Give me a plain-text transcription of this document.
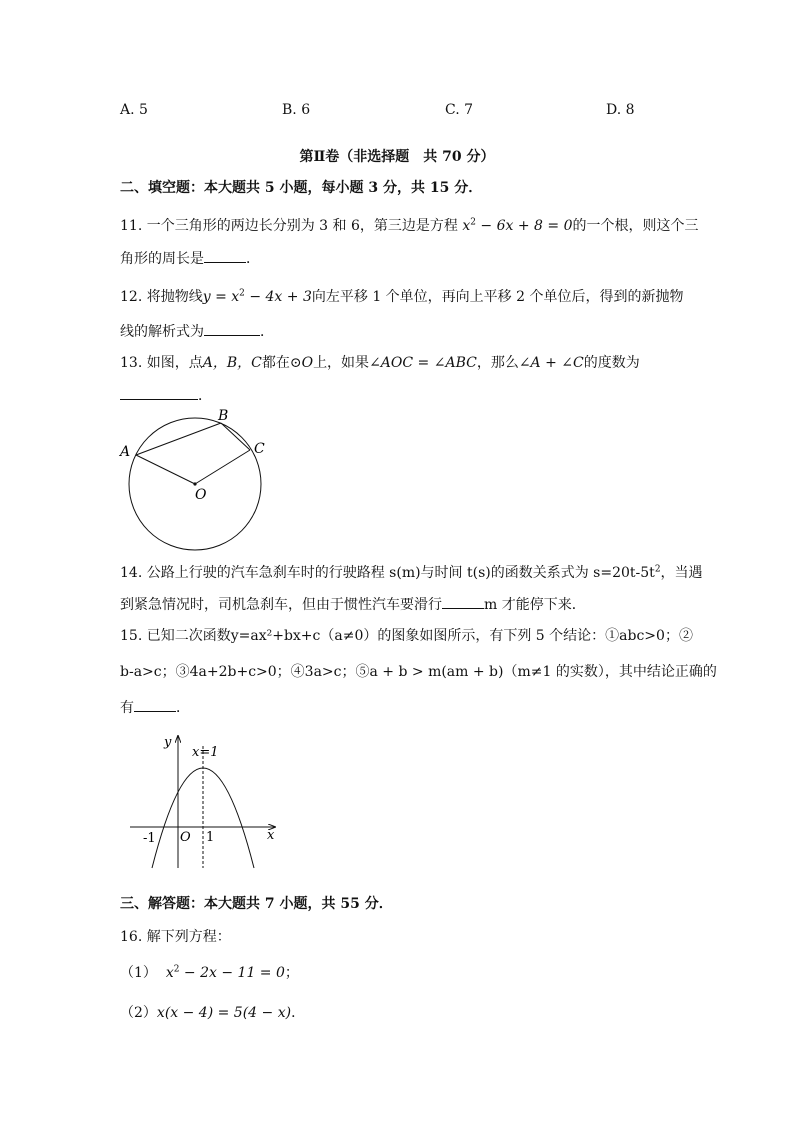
A. 5	B. 6	C. 7	D. 8
第Ⅱ卷（非选择题　共 70 分）
二、填空题：本大题共 5 小题，每小题 3 分，共 15 分．
11. 一个三角形的两边长分别为 3 和 6，第三边是方程 $x^2 - 6x + 8 = 0$的一个根，则这个三
角形的周长是	．
12. 将抛物线$y = x^2 - 4x + 3$向左平移 1 个单位，再向上平移 2 个单位后，得到的新抛物
线的解析式为	．
13. 如图，点A，B，C都在⊙O上，如果∠AOC = ∠ABC，那么∠A + ∠C的度数为
．
A
B
C
O
14. 公路上行驶的汽车急刹车时的行驶路程 s(m)与时间 t(s)的函数关系式为 $s=20t-5t^2$，当遇
到紧急情况时，司机急刹车，但由于惯性汽车要滑行	m 才能停下来．
15. 已知二次函数y=ax²+bx+c（a≠0）的图象如图所示，有下列 5 个结论：①abc>0；②
b-a>c；③4a+2b+c>0；④3a>c；⑤a + b > m(am + b)（m≠1 的实数），其中结论正确的
有	．
y
x
x=1
-1 O 1
三、解答题：本大题共 7 小题，共 55 分．
16. 解下列方程：
（1） $x^2 - 2x - 11 = 0$；
（2）x(x − 4) = 5(4 − x)．
